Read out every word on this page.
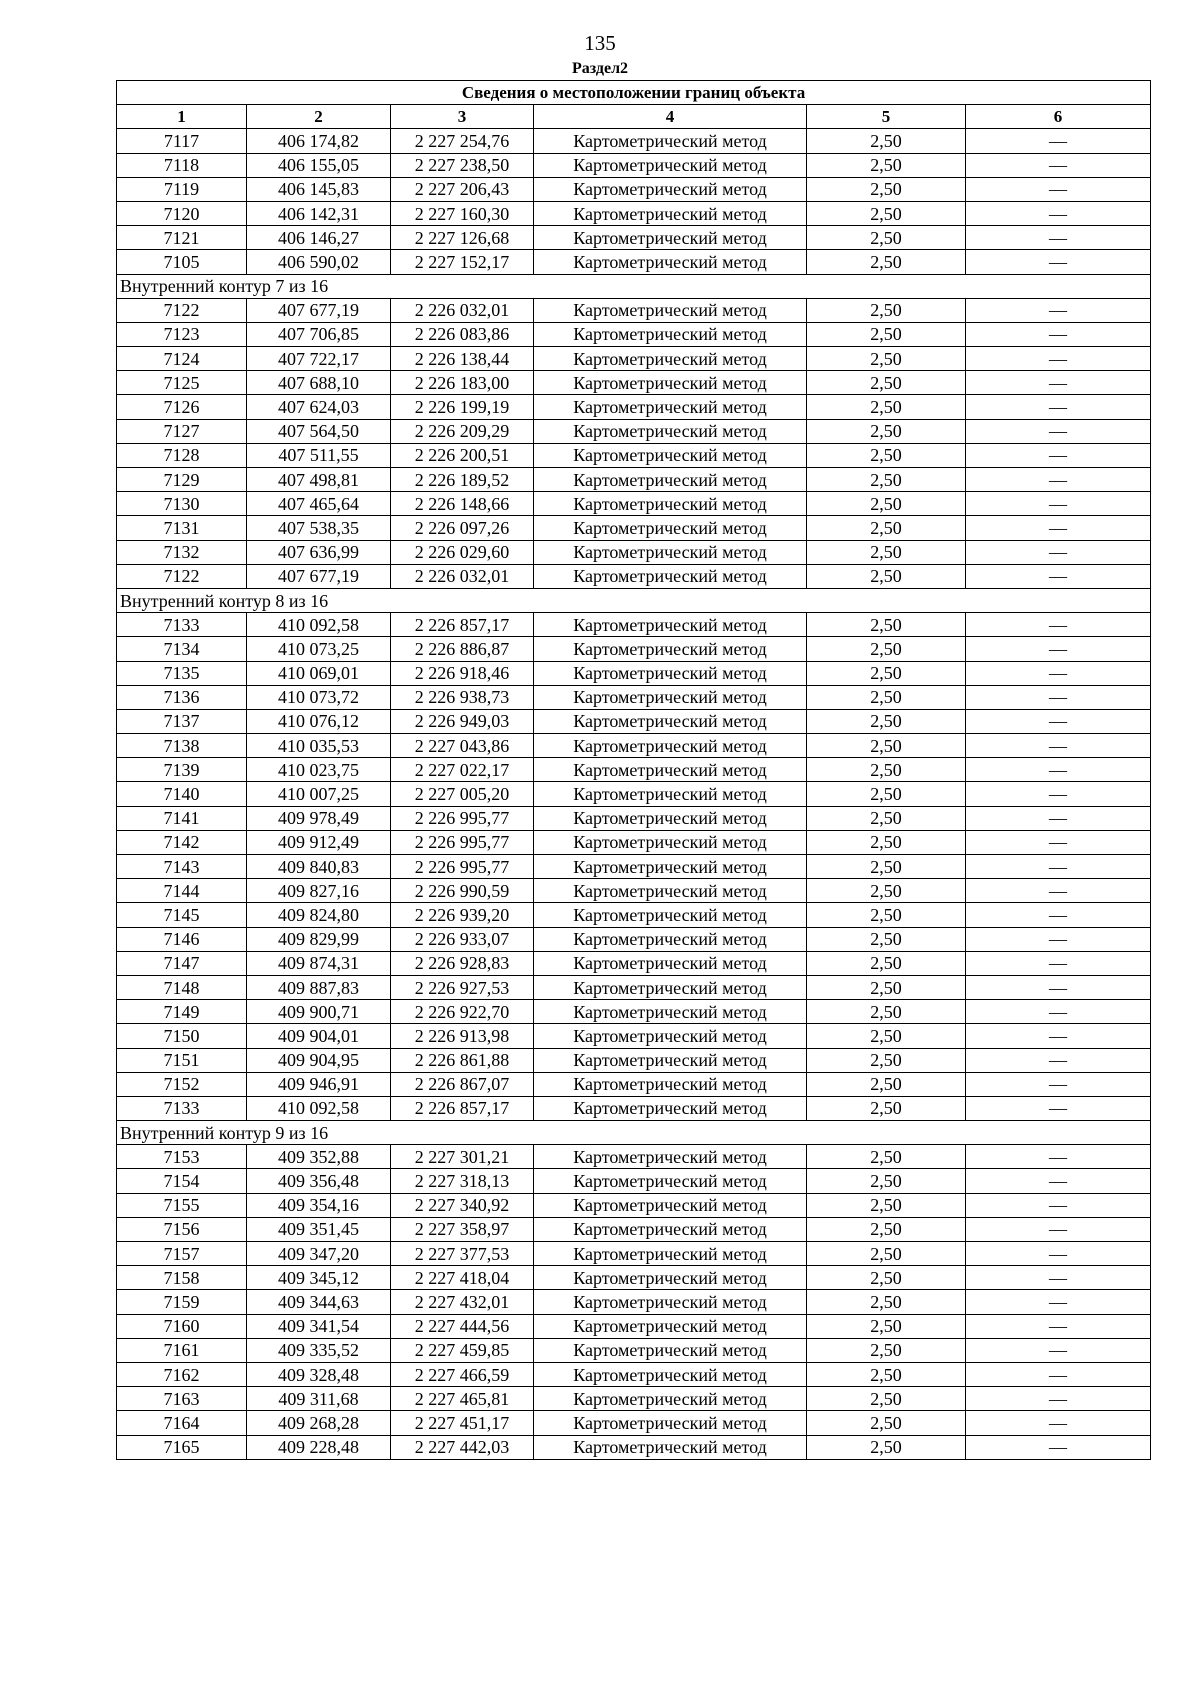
135
Раздел2
Сведения о местоположении границ объекта					
1	2	3	4	5	6
7117	406 174,82	2 227 254,76	Картометрический метод	2,50	—
7118	406 155,05	2 227 238,50	Картометрический метод	2,50	—
7119	406 145,83	2 227 206,43	Картометрический метод	2,50	—
7120	406 142,31	2 227 160,30	Картометрический метод	2,50	—
7121	406 146,27	2 227 126,68	Картометрический метод	2,50	—
7105	406 590,02	2 227 152,17	Картометрический метод	2,50	—
Внутренний контур 7 из 16					
7122	407 677,19	2 226 032,01	Картометрический метод	2,50	—
7123	407 706,85	2 226 083,86	Картометрический метод	2,50	—
7124	407 722,17	2 226 138,44	Картометрический метод	2,50	—
7125	407 688,10	2 226 183,00	Картометрический метод	2,50	—
7126	407 624,03	2 226 199,19	Картометрический метод	2,50	—
7127	407 564,50	2 226 209,29	Картометрический метод	2,50	—
7128	407 511,55	2 226 200,51	Картометрический метод	2,50	—
7129	407 498,81	2 226 189,52	Картометрический метод	2,50	—
7130	407 465,64	2 226 148,66	Картометрический метод	2,50	—
7131	407 538,35	2 226 097,26	Картометрический метод	2,50	—
7132	407 636,99	2 226 029,60	Картометрический метод	2,50	—
7122	407 677,19	2 226 032,01	Картометрический метод	2,50	—
Внутренний контур 8 из 16					
7133	410 092,58	2 226 857,17	Картометрический метод	2,50	—
7134	410 073,25	2 226 886,87	Картометрический метод	2,50	—
7135	410 069,01	2 226 918,46	Картометрический метод	2,50	—
7136	410 073,72	2 226 938,73	Картометрический метод	2,50	—
7137	410 076,12	2 226 949,03	Картометрический метод	2,50	—
7138	410 035,53	2 227 043,86	Картометрический метод	2,50	—
7139	410 023,75	2 227 022,17	Картометрический метод	2,50	—
7140	410 007,25	2 227 005,20	Картометрический метод	2,50	—
7141	409 978,49	2 226 995,77	Картометрический метод	2,50	—
7142	409 912,49	2 226 995,77	Картометрический метод	2,50	—
7143	409 840,83	2 226 995,77	Картометрический метод	2,50	—
7144	409 827,16	2 226 990,59	Картометрический метод	2,50	—
7145	409 824,80	2 226 939,20	Картометрический метод	2,50	—
7146	409 829,99	2 226 933,07	Картометрический метод	2,50	—
7147	409 874,31	2 226 928,83	Картометрический метод	2,50	—
7148	409 887,83	2 226 927,53	Картометрический метод	2,50	—
7149	409 900,71	2 226 922,70	Картометрический метод	2,50	—
7150	409 904,01	2 226 913,98	Картометрический метод	2,50	—
7151	409 904,95	2 226 861,88	Картометрический метод	2,50	—
7152	409 946,91	2 226 867,07	Картометрический метод	2,50	—
7133	410 092,58	2 226 857,17	Картометрический метод	2,50	—
Внутренний контур 9 из 16					
7153	409 352,88	2 227 301,21	Картометрический метод	2,50	—
7154	409 356,48	2 227 318,13	Картометрический метод	2,50	—
7155	409 354,16	2 227 340,92	Картометрический метод	2,50	—
7156	409 351,45	2 227 358,97	Картометрический метод	2,50	—
7157	409 347,20	2 227 377,53	Картометрический метод	2,50	—
7158	409 345,12	2 227 418,04	Картометрический метод	2,50	—
7159	409 344,63	2 227 432,01	Картометрический метод	2,50	—
7160	409 341,54	2 227 444,56	Картометрический метод	2,50	—
7161	409 335,52	2 227 459,85	Картометрический метод	2,50	—
7162	409 328,48	2 227 466,59	Картометрический метод	2,50	—
7163	409 311,68	2 227 465,81	Картометрический метод	2,50	—
7164	409 268,28	2 227 451,17	Картометрический метод	2,50	—
7165	409 228,48	2 227 442,03	Картометрический метод	2,50	—
